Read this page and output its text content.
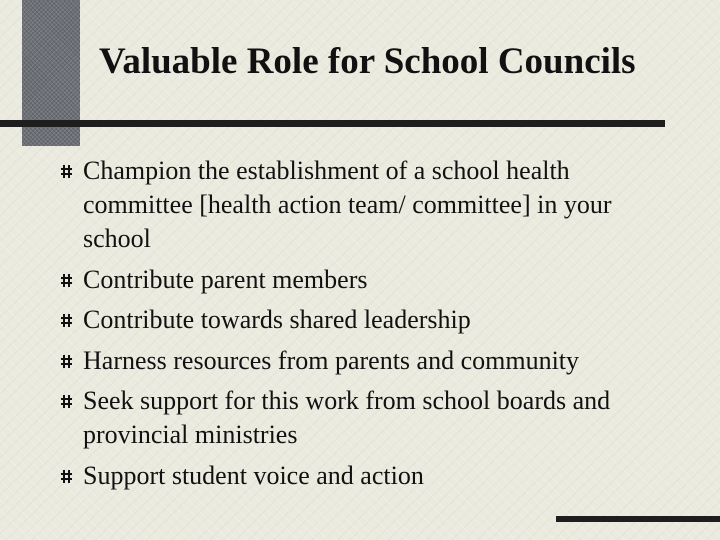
Valuable Role for School Councils
Champion the establishment of a school health committee [health action team/ committee] in your school
Contribute parent members
Contribute towards shared leadership
Harness resources from parents and community
Seek support for this work from school boards and provincial ministries
Support student voice and action
